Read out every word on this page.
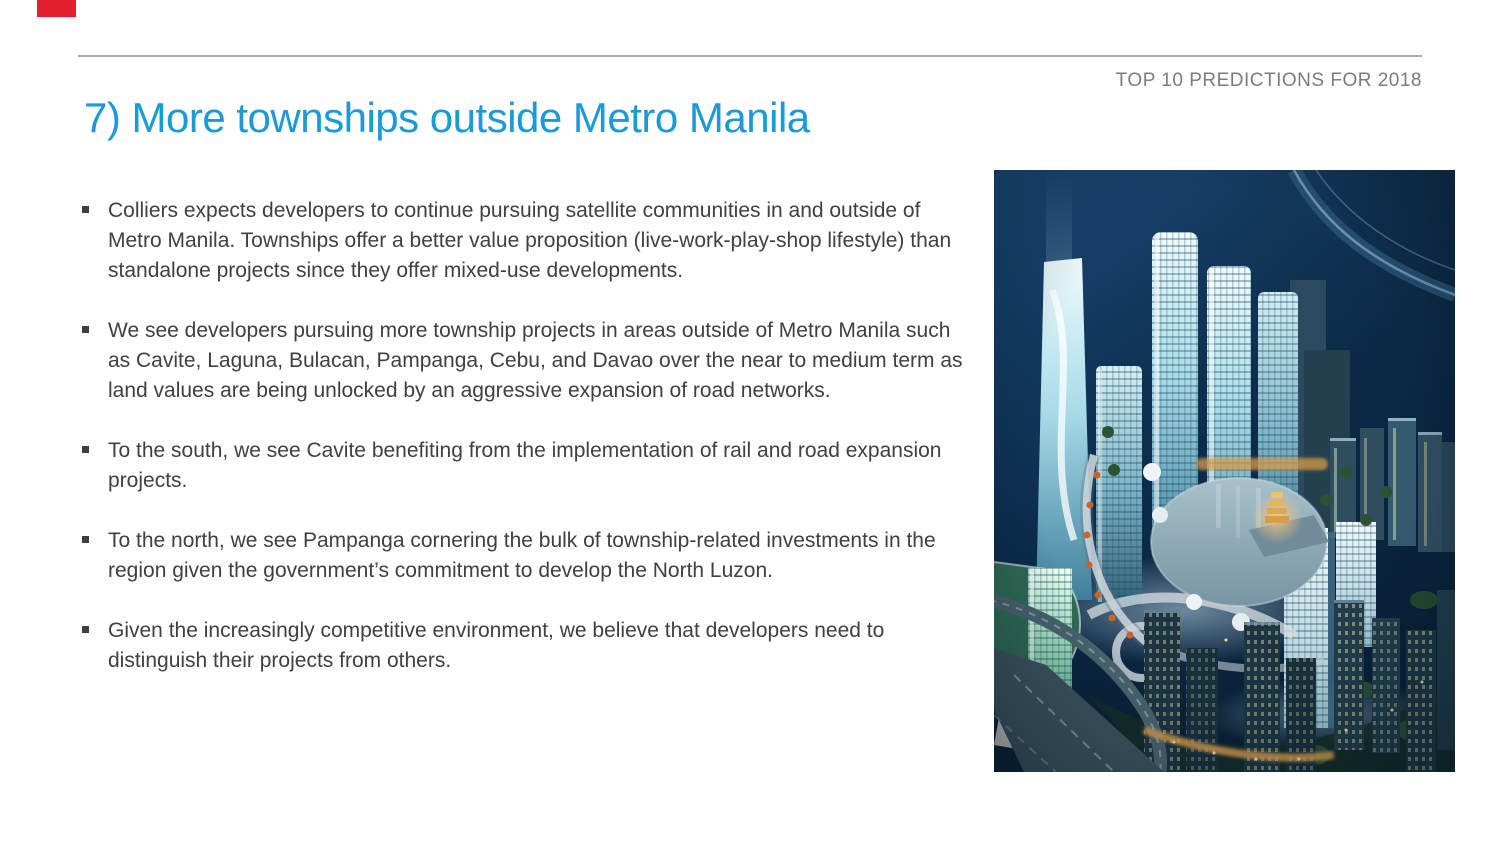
TOP 10 PREDICTIONS FOR 2018
7) More townships outside Metro Manila
Colliers expects developers to continue pursuing satellite communities in and outside of Metro Manila. Townships offer a better value proposition (live-work-play-shop lifestyle) than standalone projects since they offer mixed-use developments.
We see developers pursuing more township projects in areas outside of Metro Manila such as Cavite, Laguna, Bulacan, Pampanga, Cebu, and Davao over the near to medium term as land values are being unlocked by an aggressive expansion of road networks.
To the south, we see Cavite benefiting from the implementation of rail and road expansion projects.
To the north, we see Pampanga cornering the bulk of township-related investments in the region given the government’s commitment to develop the North Luzon.
Given the increasingly competitive environment, we believe that developers need to distinguish their projects from others.
